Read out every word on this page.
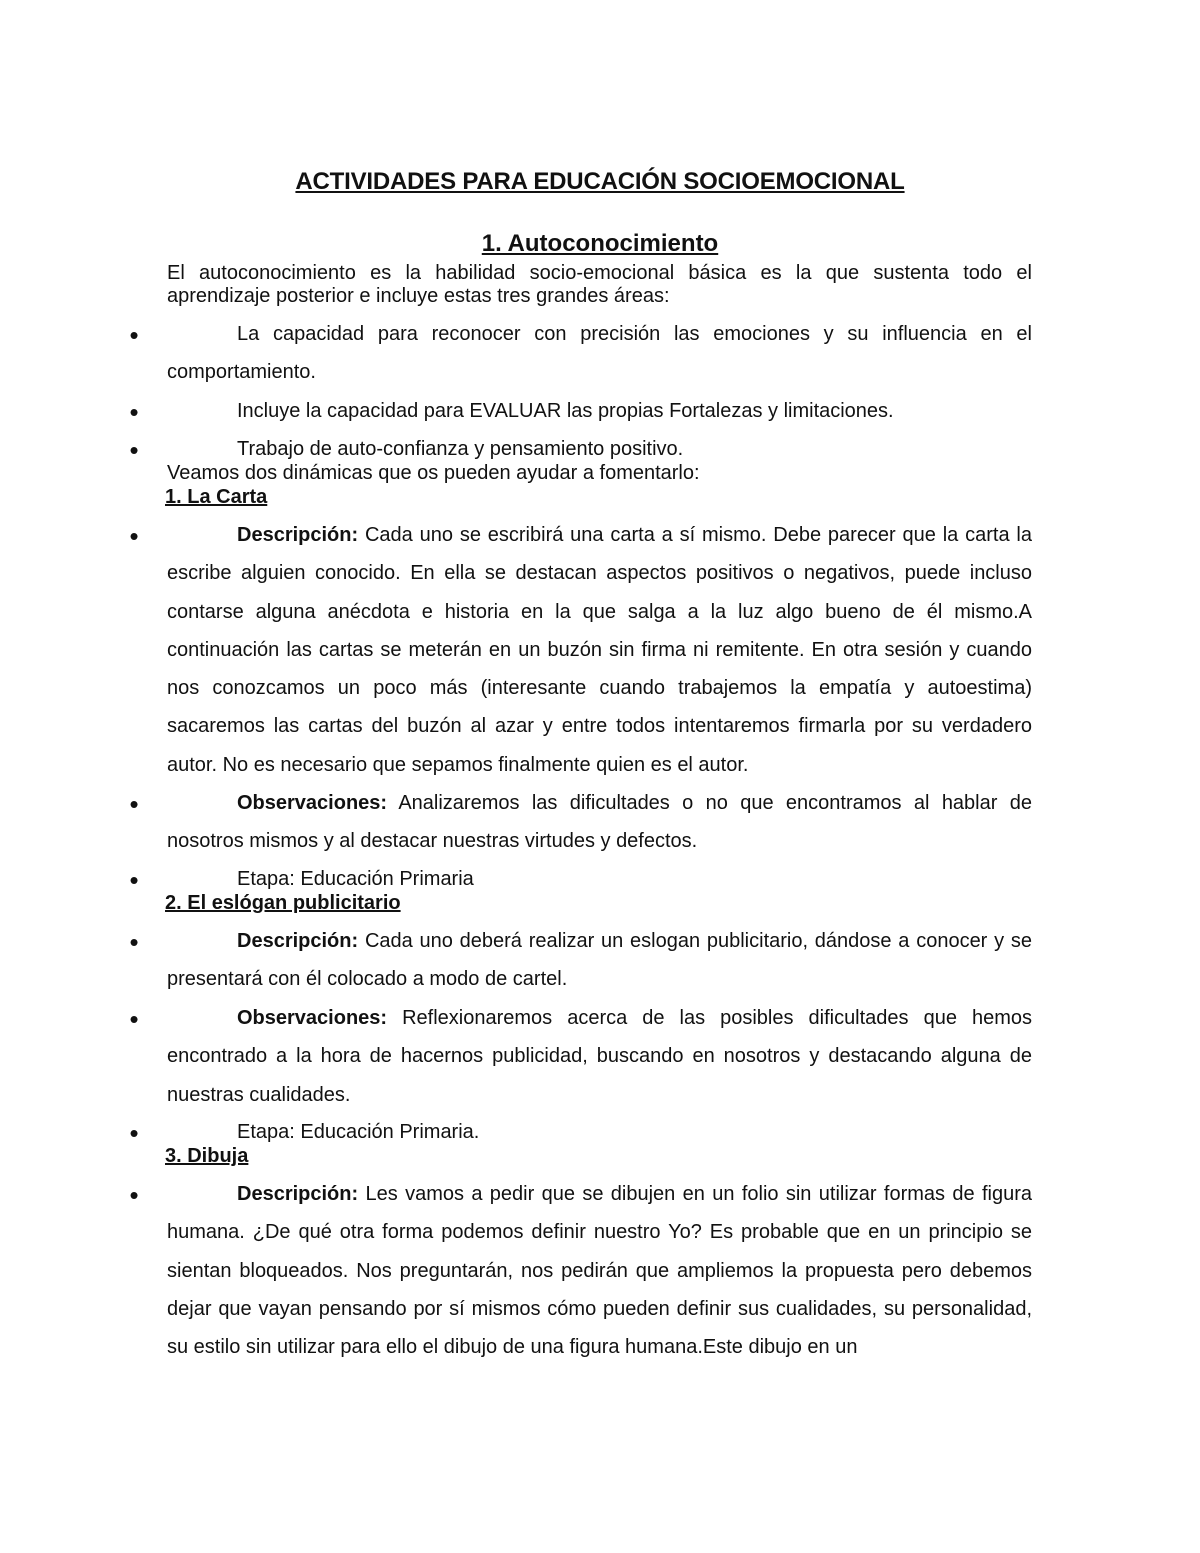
ACTIVIDADES PARA EDUCACIÓN SOCIOEMOCIONAL
1. Autoconocimiento

El autoconocimiento es la habilidad socio-emocional básica es la que sustenta todo el aprendizaje posterior e incluye estas tres grandes áreas:

•

La capacidad para reconocer con precisión las emociones y su influencia en el comportamiento.

•

Incluye la capacidad para EVALUAR las propias Fortalezas y limitaciones.

•

Trabajo de auto-confianza y pensamiento positivo.

Veamos dos dinámicas que os pueden ayudar a fomentarlo:

1. La Carta

•

Descripción: Cada uno se escribirá una carta a sí mismo. Debe parecer que la carta la escribe alguien conocido. En ella se destacan aspectos positivos o negativos, puede incluso contarse alguna anécdota e historia en la que salga a la luz algo bueno de él mismo.A continuación las cartas se meterán en un buzón sin firma ni remitente. En otra sesión y cuando nos conozcamos un poco más (interesante cuando trabajemos la empatía y autoestima) sacaremos las cartas del buzón al azar y entre todos intentaremos firmarla por su verdadero autor. No es necesario que sepamos finalmente quien es el autor.

•

Observaciones: Analizaremos las dificultades o no que encontramos al hablar de nosotros mismos y al destacar nuestras virtudes y defectos.

•

Etapa: Educación Primaria

2. El eslógan publicitario

•

Descripción: Cada uno deberá realizar un eslogan publicitario, dándose a conocer y se presentará con él colocado a modo de cartel.

•

Observaciones: Reflexionaremos acerca de las posibles dificultades que hemos encontrado a la hora de hacernos publicidad, buscando en nosotros y destacando alguna de nuestras cualidades.

•

Etapa: Educación Primaria.

3. Dibuja

•

Descripción: Les vamos a pedir que se dibujen en un folio sin utilizar formas de figura humana. ¿De qué otra forma podemos definir nuestro Yo? Es probable que en un principio se sientan bloqueados. Nos preguntarán, nos pedirán que ampliemos la propuesta pero debemos dejar que vayan pensando por sí mismos cómo pueden definir sus cualidades, su personalidad, su estilo sin utilizar para ello el dibujo de una figura humana.Este dibujo en un
